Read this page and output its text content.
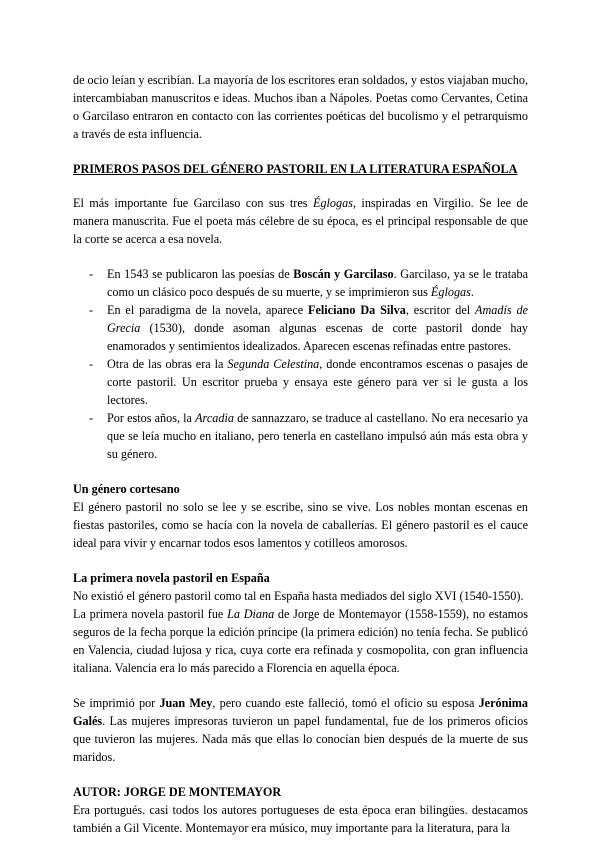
de ocio leían y escribían. La mayoría de los escritores eran soldados, y estos viajaban mucho, intercambiaban manuscritos e ideas. Muchos iban a Nápoles. Poetas como Cervantes, Cetina o Garcilaso entraron en contacto con las corrientes poéticas del bucolismo y el petrarquismo a través de esta influencia.

PRIMEROS PASOS DEL GÉNERO PASTORIL EN LA LITERATURA ESPAÑOLA

El más importante fue Garcilaso con sus tres Églogas, inspiradas en Virgilio. Se lee de manera manuscrita. Fue el poeta más célebre de su época, es el principal responsable de que la corte se acerca a esa novela.

- En 1543 se publicaron las poesías de Boscán y Garcilaso. Garcilaso, ya se le trataba como un clásico poco después de su muerte, y se imprimieron sus Églogas.
- En el paradigma de la novela, aparece Feliciano Da Silva, escritor del Amadís de Grecia (1530), donde asoman algunas escenas de corte pastoril donde hay enamorados y sentimientos idealizados. Aparecen escenas refinadas entre pastores.
- Otra de las obras era la Segunda Celestina, donde encontramos escenas o pasajes de corte pastoril. Un escritor prueba y ensaya este género para ver si le gusta a los lectores.
- Por estos años, la Arcadia de sannazzaro, se traduce al castellano. No era necesario ya que se leía mucho en italiano, pero tenerla en castellano impulsó aún más esta obra y su género.
Un género cortesano

El género pastoril no solo se lee y se escribe, sino se vive. Los nobles montan escenas en fiestas pastoriles, como se hacía con la novela de caballerías. El género pastoril es el cauce ideal para vivir y encarnar todos esos lamentos y cotilleos amorosos.

La primera novela pastoril en España

No existió el género pastoril como tal en España hasta mediados del siglo XVI (1540-1550).

La primera novela pastoril fue La Diana de Jorge de Montemayor (1558-1559), no estamos seguros de la fecha porque la edición príncipe (la primera edición) no tenía fecha. Se publicó en Valencia, ciudad lujosa y rica, cuya corte era refinada y cosmopolita, con gran influencia italiana. Valencia era lo más parecido a Florencia en aquella época.

Se imprimió por Juan Mey, pero cuando este falleció, tomó el oficio su esposa Jerónima Galés. Las mujeres impresoras tuvieron un papel fundamental, fue de los primeros oficios que tuvieron las mujeres. Nada más que ellas lo conocían bien después de la muerte de sus maridos.

AUTOR: JORGE DE MONTEMAYOR

Era portugués. casi todos los autores portugueses de esta época eran bilingües. destacamos también a Gil Vicente. Montemayor era músico, muy importante para la literatura, para la
